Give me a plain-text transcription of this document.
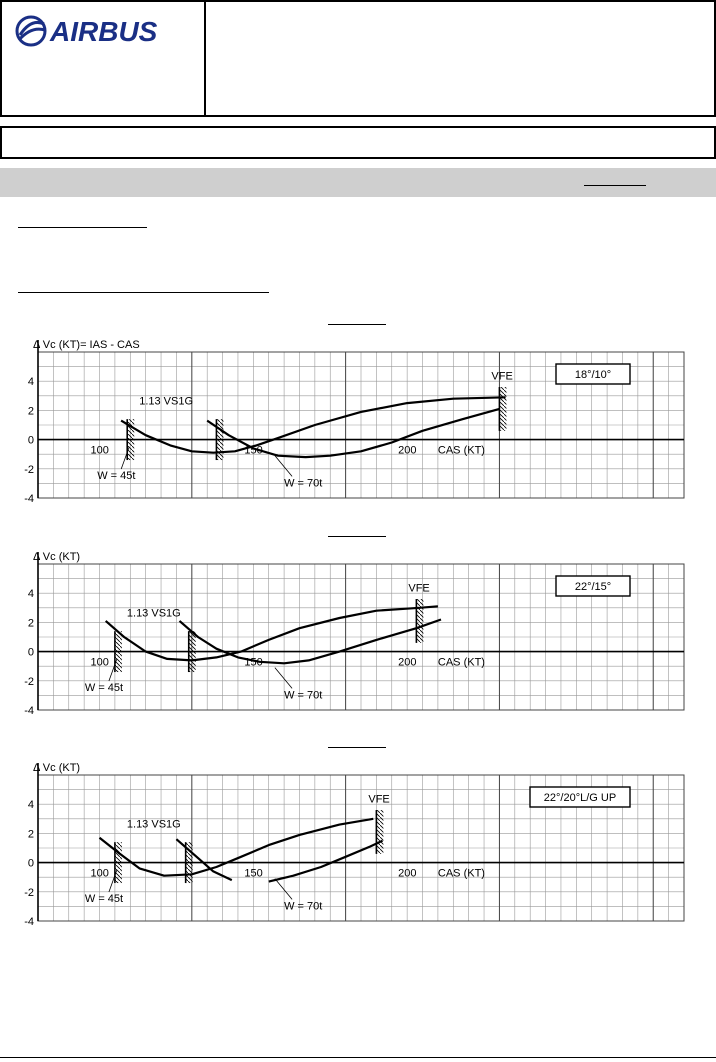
AIRBUS
Δ Vc (KT)= IAS - CAS
4
2
0
-2
-4
100	150	200 CAS (KT)
18°/10°
1.13 VS1G
VFE
W = 45t
W = 70t
Δ Vc (KT)
4
2
0
-2
-4
100	150	200 CAS (KT)
22°/15°
1.13 VS1G
VFE
W = 45t
W = 70t
Δ Vc (KT)
4
2
0
-2
-4
100	150	200 CAS (KT)
22°/20°L/G UP
1.13 VS1G
VFE
W = 45t
W = 70t
